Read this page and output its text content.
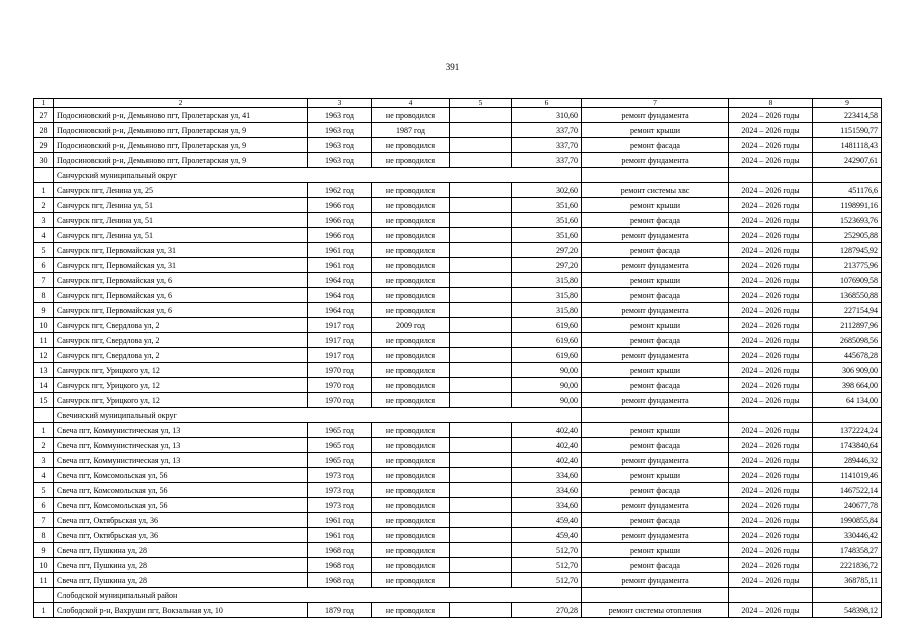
391
1	2	3	4	5	6	7	8	9
27	Подосиновский р-н, Демьяново пгт, Пролетарская ул, 41	1963 год	не проводился		310,60	ремонт фундамента	2024 – 2026 годы	223414,58
28	Подосиновский р-н, Демьяново пгт, Пролетарская ул, 9	1963 год	1987 год		337,70	ремонт крыши	2024 – 2026 годы	1151590,77
29	Подосиновский р-н, Демьяново пгт, Пролетарская ул, 9	1963 год	не проводился		337,70	ремонт фасада	2024 – 2026 годы	1481118,43
30	Подосиновский р-н, Демьяново пгт, Пролетарская ул, 9	1963 год	не проводился		337,70	ремонт фундамента	2024 – 2026 годы	242907,61
	Санчурский муниципальный округ							
1	Санчурск пгт, Ленина ул, 25	1962 год	не проводился		302,60	ремонт системы хвс	2024 – 2026 годы	451176,6
2	Санчурск пгт, Ленина ул, 51	1966 год	не проводился		351,60	ремонт крыши	2024 – 2026 годы	1198991,16
3	Санчурск пгт, Ленина ул, 51	1966 год	не проводился		351,60	ремонт фасада	2024 – 2026 годы	1523693,76
4	Санчурск пгт, Ленина ул, 51	1966 год	не проводился		351,60	ремонт фундамента	2024 – 2026 годы	252905,88
5	Санчурск пгт, Первомайская ул, 31	1961 год	не проводился		297,20	ремонт фасада	2024 – 2026 годы	1287945,92
6	Санчурск пгт, Первомайская ул, 31	1961 год	не проводился		297,20	ремонт фундамента	2024 – 2026 годы	213775,96
7	Санчурск пгт, Первомайская ул, 6	1964 год	не проводился		315,80	ремонт крыши	2024 – 2026 годы	1076909,58
8	Санчурск пгт, Первомайская ул, 6	1964 год	не проводился		315,80	ремонт фасада	2024 – 2026 годы	1368550,88
9	Санчурск пгт, Первомайская ул, 6	1964 год	не проводился		315,80	ремонт фундамента	2024 – 2026 годы	227154,94
10	Санчурск пгт, Свердлова ул, 2	1917 год	2009 год		619,60	ремонт крыши	2024 – 2026 годы	2112897,96
11	Санчурск пгт, Свердлова ул, 2	1917 год	не проводился		619,60	ремонт фасада	2024 – 2026 годы	2685098,56
12	Санчурск пгт, Свердлова ул, 2	1917 год	не проводился		619,60	ремонт фундамента	2024 – 2026 годы	445678,28
13	Санчурск пгт, Урицкого ул, 12	1970 год	не проводился		90,00	ремонт крыши	2024 – 2026 годы	306 909,00
14	Санчурск пгт, Урицкого ул, 12	1970 год	не проводился		90,00	ремонт фасада	2024 – 2026 годы	398 664,00
15	Санчурск пгт, Урицкого ул, 12	1970 год	не проводился		90,00	ремонт фундамента	2024 – 2026 годы	64 134,00
	Свечинский муниципальный округ							
1	Свеча пгт, Коммунистическая ул, 13	1965 год	не проводился		402,40	ремонт крыши	2024 – 2026 годы	1372224,24
2	Свеча пгт, Коммунистическая ул, 13	1965 год	не проводился		402,40	ремонт фасада	2024 – 2026 годы	1743840,64
3	Свеча пгт, Коммунистическая ул, 13	1965 год	не проводился		402,40	ремонт фундамента	2024 – 2026 годы	289446,32
4	Свеча пгт, Комсомольская ул, 56	1973 год	не проводился		334,60	ремонт крыши	2024 – 2026 годы	1141019,46
5	Свеча пгт, Комсомольская ул, 56	1973 год	не проводился		334,60	ремонт фасада	2024 – 2026 годы	1467522,14
6	Свеча пгт, Комсомольская ул, 56	1973 год	не проводился		334,60	ремонт фундамента	2024 – 2026 годы	240677,78
7	Свеча пгт, Октябрьская ул, 36	1961 год	не проводился		459,40	ремонт фасада	2024 – 2026 годы	1990855,84
8	Свеча пгт, Октябрьская ул, 36	1961 год	не проводился		459,40	ремонт фундамента	2024 – 2026 годы	330446,42
9	Свеча пгт, Пушкина ул, 28	1968 год	не проводился		512,70	ремонт крыши	2024 – 2026 годы	1748358,27
10	Свеча пгт, Пушкина ул, 28	1968 год	не проводился		512,70	ремонт фасада	2024 – 2026 годы	2221836,72
11	Свеча пгт, Пушкина ул, 28	1968 год	не проводился		512,70	ремонт фундамента	2024 – 2026 годы	368785,11
	Слободской муниципальный район							
1	Слободской р-н, Вахруши пгт, Вокзальная ул, 10	1879 год	не проводился		270,28	ремонт системы отопления	2024 – 2026 годы	548398,12
